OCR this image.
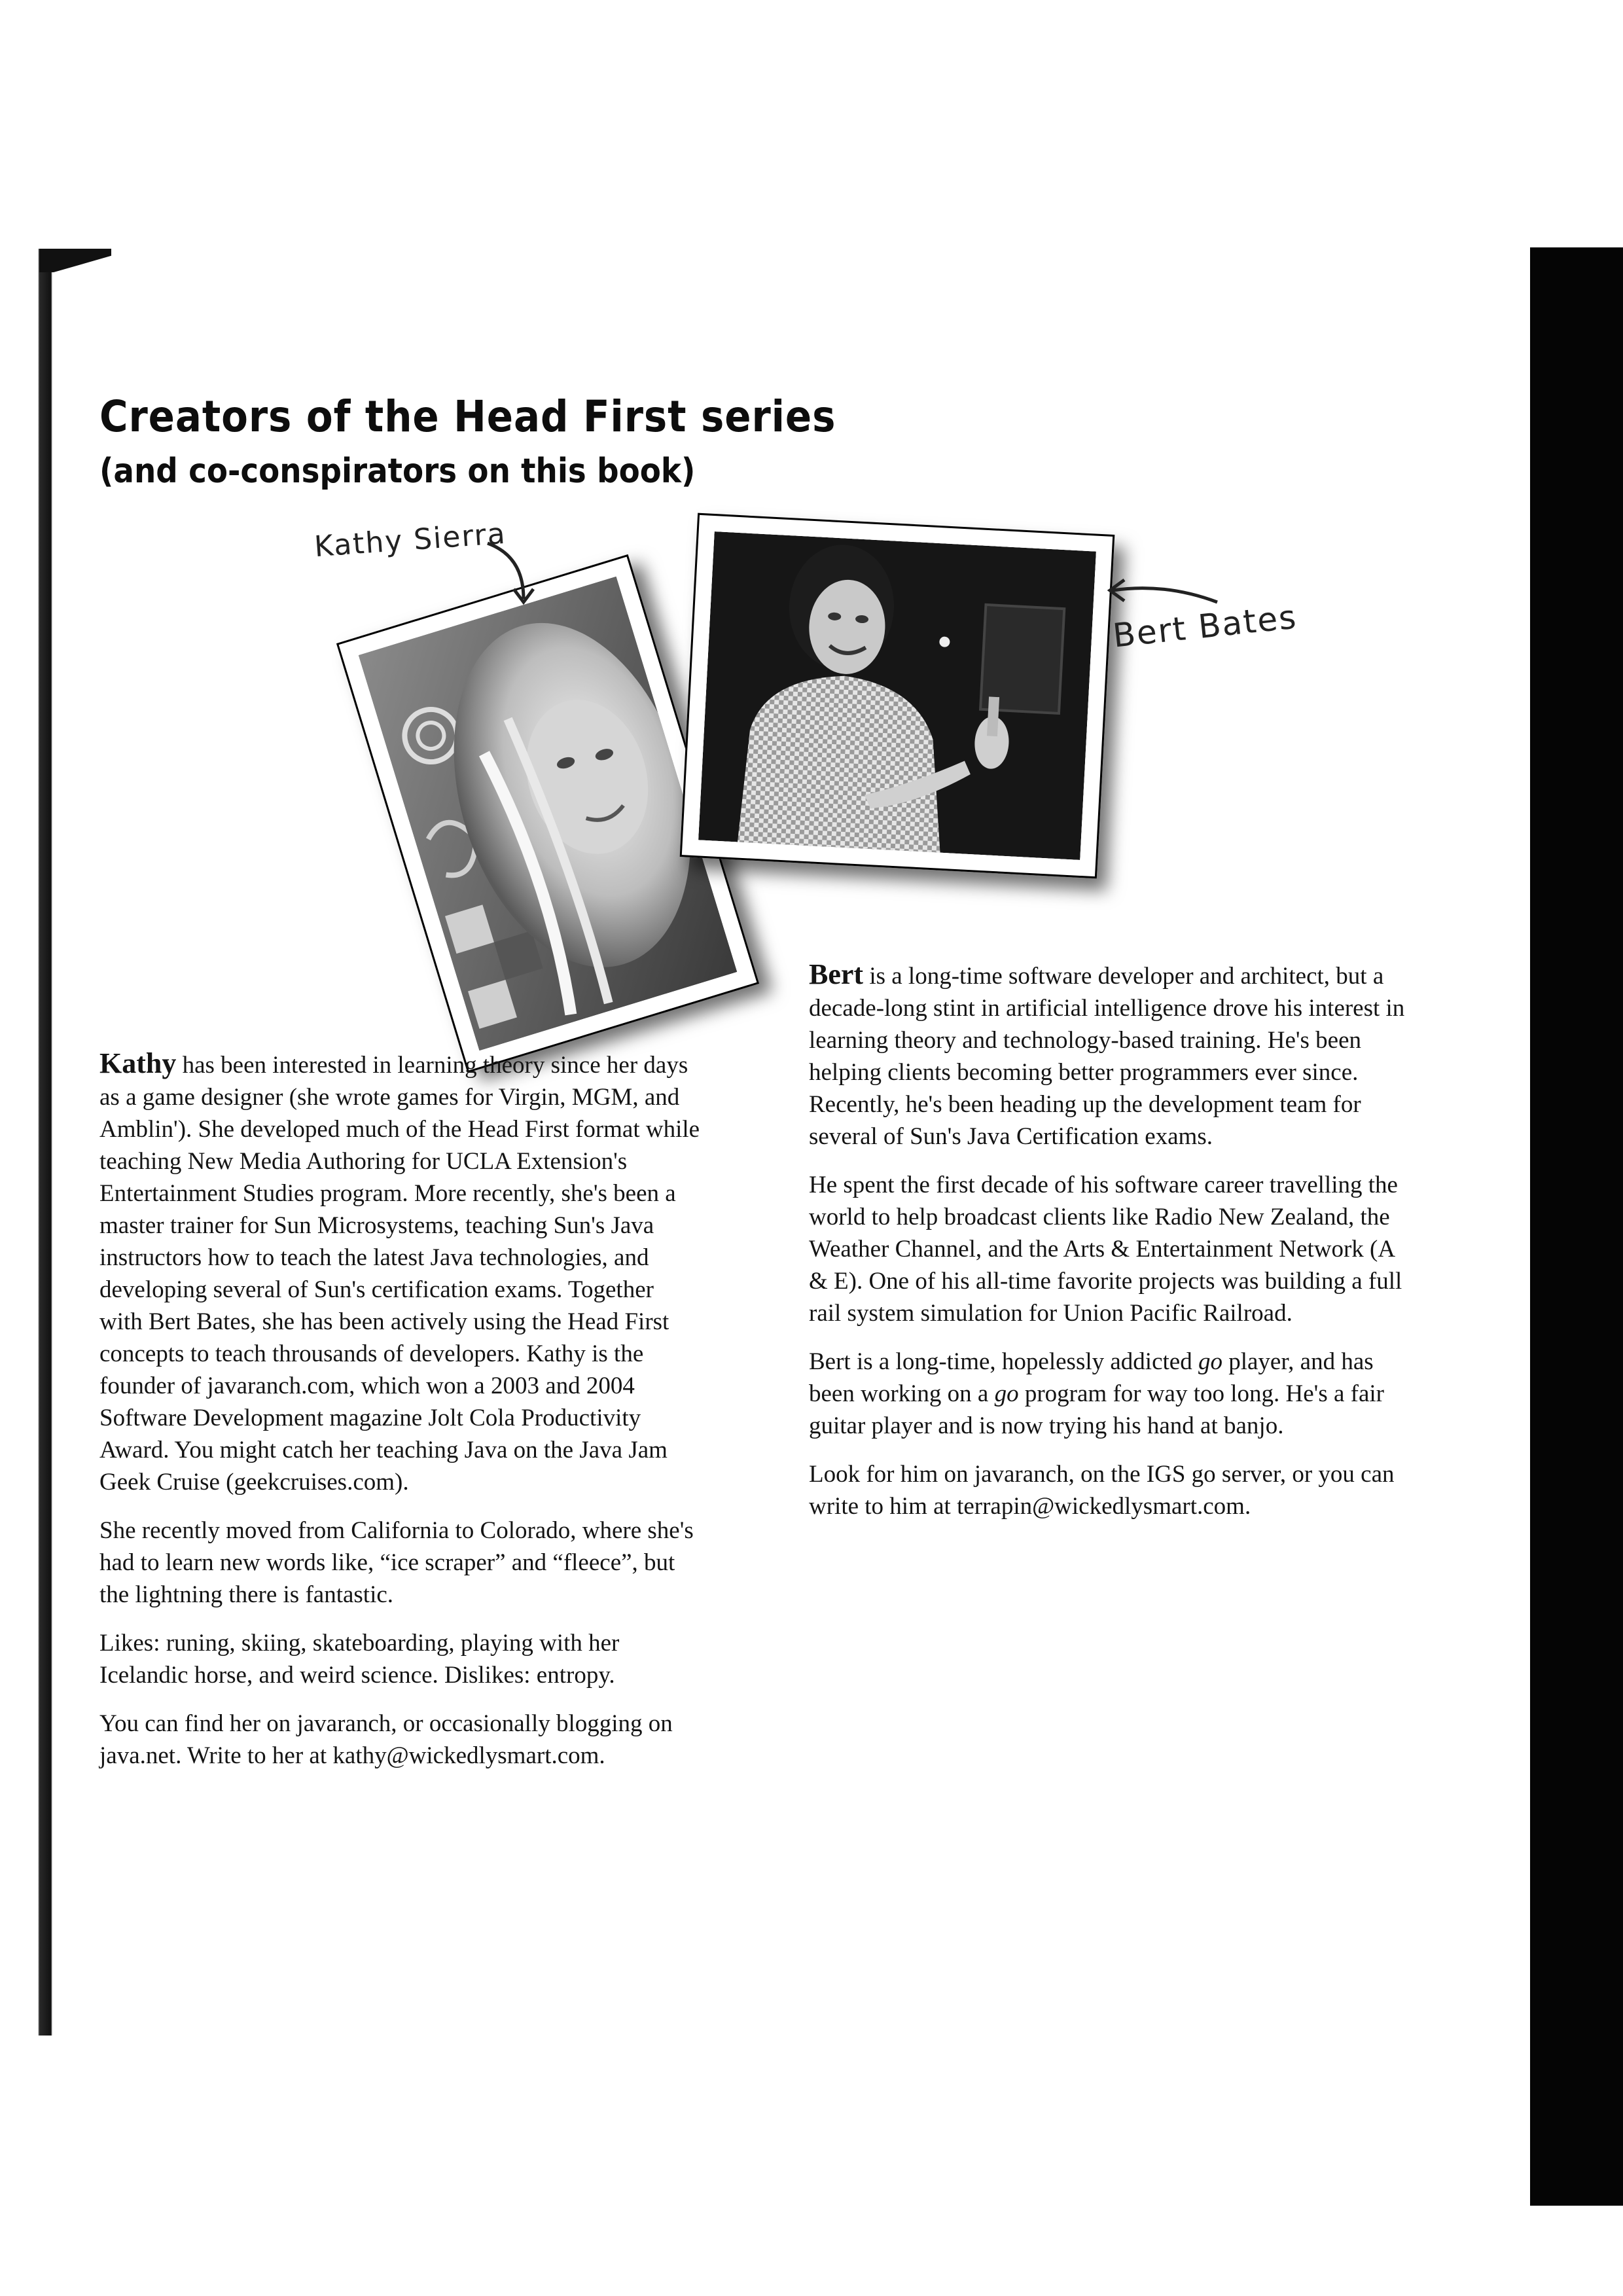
Creators of the Head First series
(and co-conspirators on this book)
Kathy Sierra
Bert Bates

Kathy has been interested in learning theory since her days as a game designer (she wrote games for Virgin, MGM, and Amblin'). She developed much of the Head First format while teaching New Media Authoring for UCLA Extension's Entertainment Studies program. More recently, she's been a master trainer for Sun Microsystems, teaching Sun's Java instructors how to teach the latest Java technologies, and developing several of Sun's certification exams. Together with Bert Bates, she has been actively using the Head First concepts to teach throusands of developers. Kathy is the founder of javaranch.com, which won a 2003 and 2004 Software Development magazine Jolt Cola Productivity Award. You might catch her teaching Java on the Java Jam Geek Cruise (geekcruises.com).

She recently moved from California to Colorado, where she's had to learn new words like, “ice scraper” and “fleece”, but the lightning there is fantastic.

Likes: runing, skiing, skateboarding, playing with her Icelandic horse, and weird science. Dislikes: entropy.

You can find her on javaranch, or occasionally blogging on java.net. Write to her at kathy@wickedlysmart.com.

Bert is a long-time software developer and architect, but a decade-long stint in artificial intelligence drove his interest in learning theory and technology-based training. He's been helping clients becoming better programmers ever since. Recently, he's been heading up the development team for several of Sun's Java Certification exams.

He spent the first decade of his software career travelling the world to help broadcast clients like Radio New Zealand, the Weather Channel, and the Arts & Entertainment Network (A & E). One of his all-time favorite projects was building a full rail system simulation for Union Pacific Railroad.

Bert is a long-time, hopelessly addicted go player, and has been working on a go program for way too long. He's a fair guitar player and is now trying his hand at banjo.

Look for him on javaranch, on the IGS go server, or you can write to him at terrapin@wickedlysmart.com.
